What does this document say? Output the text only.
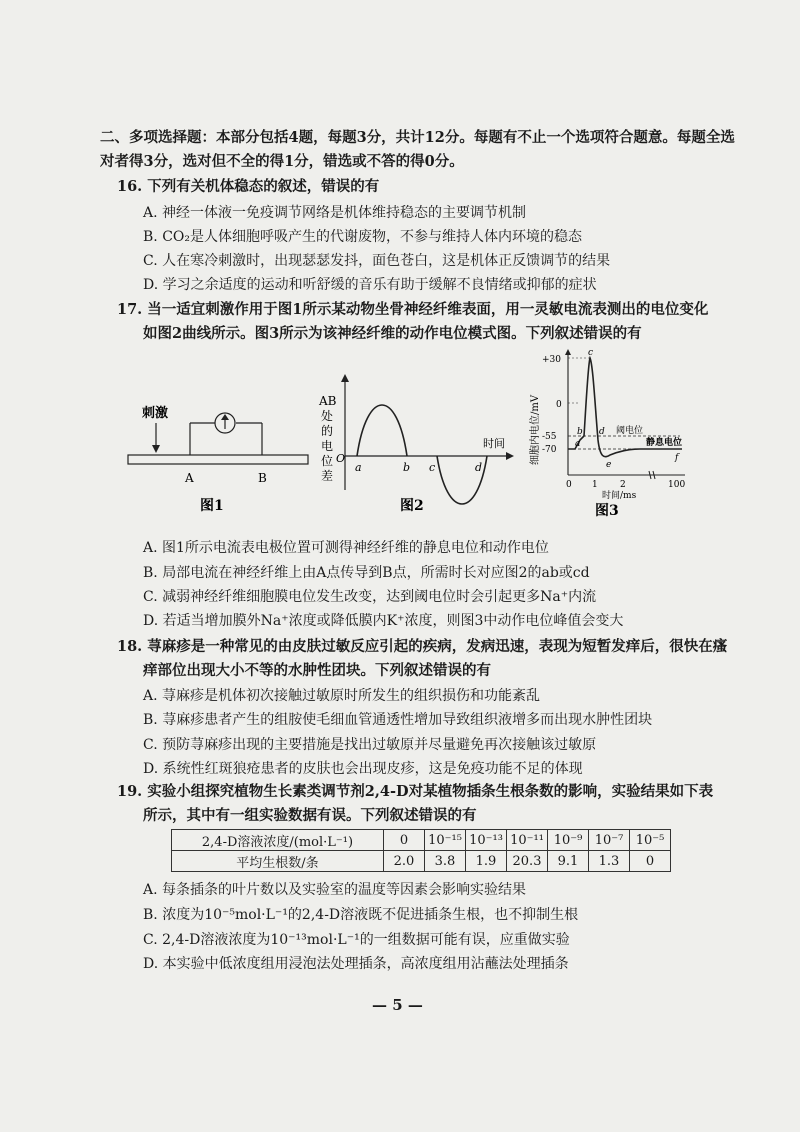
二、多项选择题：本部分包括4题，每题3分，共计12分。每题有不止一个选项符合题意。每题全选
对者得3分，选对但不全的得1分，错选或不答的得0分。
16. 下列有关机体稳态的叙述，错误的有
A. 神经一体液一免疫调节网络是机体维持稳态的主要调节机制
B. CO₂是人体细胞呼吸产生的代谢废物，不参与维持人体内环境的稳态
C. 人在寒冷刺激时，出现瑟瑟发抖，面色苍白，这是机体正反馈调节的结果
D. 学习之余适度的运动和听舒缓的音乐有助于缓解不良情绪或抑郁的症状
17. 当一适宜刺激作用于图1所示某动物坐骨神经纤维表面，用一灵敏电流表测出的电位变化
如图2曲线所示。图3所示为该神经纤维的动作电位模式图。下列叙述错误的有
刺激
A	B
图1
AB
处
的
电
位
差
O
时间
a	b c	d
图2
细胞内电位/mV
+30
0
-55
-70
a
b
c
d
e
f
阈电位
静息电位
0 1 2	100
时间/ms
图3
A. 图1所示电流表电极位置可测得神经纤维的静息电位和动作电位
B. 局部电流在神经纤维上由A点传导到B点，所需时长对应图2的ab或cd
C. 减弱神经纤维细胞膜电位发生改变，达到阈电位时会引起更多Na⁺内流
D. 若适当增加膜外Na⁺浓度或降低膜内K⁺浓度，则图3中动作电位峰值会变大
18. 荨麻疹是一种常见的由皮肤过敏反应引起的疾病，发病迅速，表现为短暂发痒后，很快在瘙
痒部位出现大小不等的水肿性团块。下列叙述错误的有
A. 荨麻疹是机体初次接触过敏原时所发生的组织损伤和功能紊乱
B. 荨麻疹患者产生的组胺使毛细血管通透性增加导致组织液增多而出现水肿性团块
C. 预防荨麻疹出现的主要措施是找出过敏原并尽量避免再次接触该过敏原
D. 系统性红斑狼疮患者的皮肤也会出现皮疹，这是免疫功能不足的体现
19. 实验小组探究植物生长素类调节剂2,4-D对某植物插条生根条数的影响，实验结果如下表
所示，其中有一组实验数据有误。下列叙述错误的有
2,4-D溶液浓度/(mol·L⁻¹)	0	10⁻¹⁵	10⁻¹³	10⁻¹¹	10⁻⁹	10⁻⁷	10⁻⁵
平均生根数/条	2.0	3.8	1.9	20.3	9.1	1.3	0
A. 每条插条的叶片数以及实验室的温度等因素会影响实验结果
B. 浓度为10⁻⁵mol·L⁻¹的2,4-D溶液既不促进插条生根，也不抑制生根
C. 2,4-D溶液浓度为10⁻¹³mol·L⁻¹的一组数据可能有误，应重做实验
D. 本实验中低浓度组用浸泡法处理插条，高浓度组用沾蘸法处理插条
— 5 —
